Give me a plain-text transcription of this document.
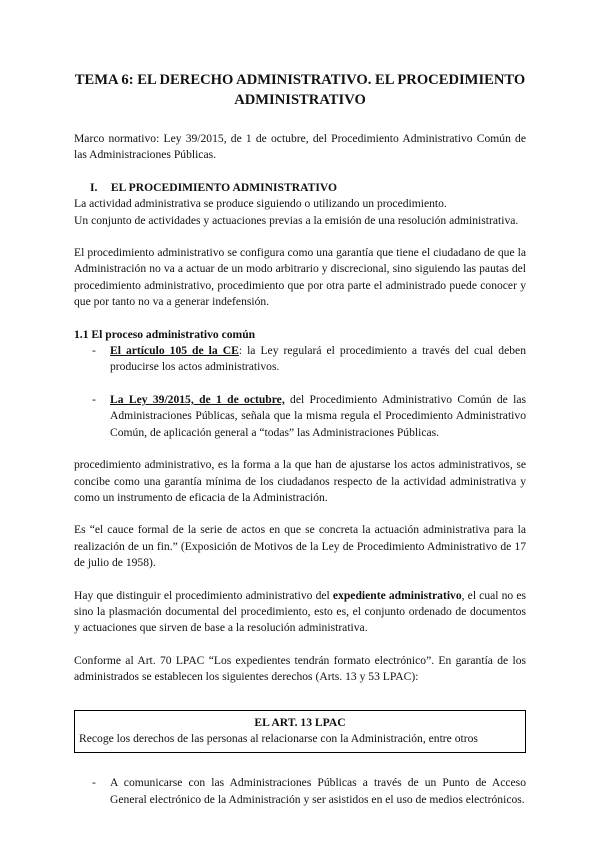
TEMA 6: EL DERECHO ADMINISTRATIVO. EL PROCEDIMIENTO ADMINISTRATIVO

Marco normativo: Ley 39/2015, de 1 de octubre, del Procedimiento Administrativo Común de las Administraciones Públicas.

I. EL PROCEDIMIENTO ADMINISTRATIVO

La actividad administrativa se produce siguiendo o utilizando un procedimiento.

Un conjunto de actividades y actuaciones previas a la emisión de una resolución administrativa.

El procedimiento administrativo se configura como una garantía que tiene el ciudadano de que la Administración no va a actuar de un modo arbitrario y discrecional, sino siguiendo las pautas del procedimiento administrativo, procedimiento que por otra parte el administrado puede conocer y que por tanto no va a generar indefensión.

1.1 El proceso administrativo común
- El artículo 105 de la CE: la Ley regulará el procedimiento a través del cual deben producirse los actos administrativos.
- La Ley 39/2015, de 1 de octubre, del Procedimiento Administrativo Común de las Administraciones Públicas, señala que la misma regula el Procedimiento Administrativo Común, de aplicación general a “todas” las Administraciones Públicas.

procedimiento administrativo, es la forma a la que han de ajustarse los actos administrativos, se concibe como una garantía mínima de los ciudadanos respecto de la actividad administrativa y como un instrumento de eficacia de la Administración.

Es “el cauce formal de la serie de actos en que se concreta la actuación administrativa para la realización de un fin.” (Exposición de Motivos de la Ley de Procedimiento Administrativo de 17 de julio de 1958).

Hay que distinguir el procedimiento administrativo del expediente administrativo, el cual no es sino la plasmación documental del procedimiento, esto es, el conjunto ordenado de documentos y actuaciones que sirven de base a la resolución administrativa.

Conforme al Art. 70 LPAC “Los expedientes tendrán formato electrónico”. En garantía de los administrados se establecen los siguientes derechos (Arts. 13 y 53 LPAC):

EL ART. 13 LPAC
Recoge los derechos de las personas al relacionarse con la Administración, entre otros
- A comunicarse con las Administraciones Públicas a través de un Punto de Acceso General electrónico de la Administración y ser asistidos en el uso de medios electrónicos.
